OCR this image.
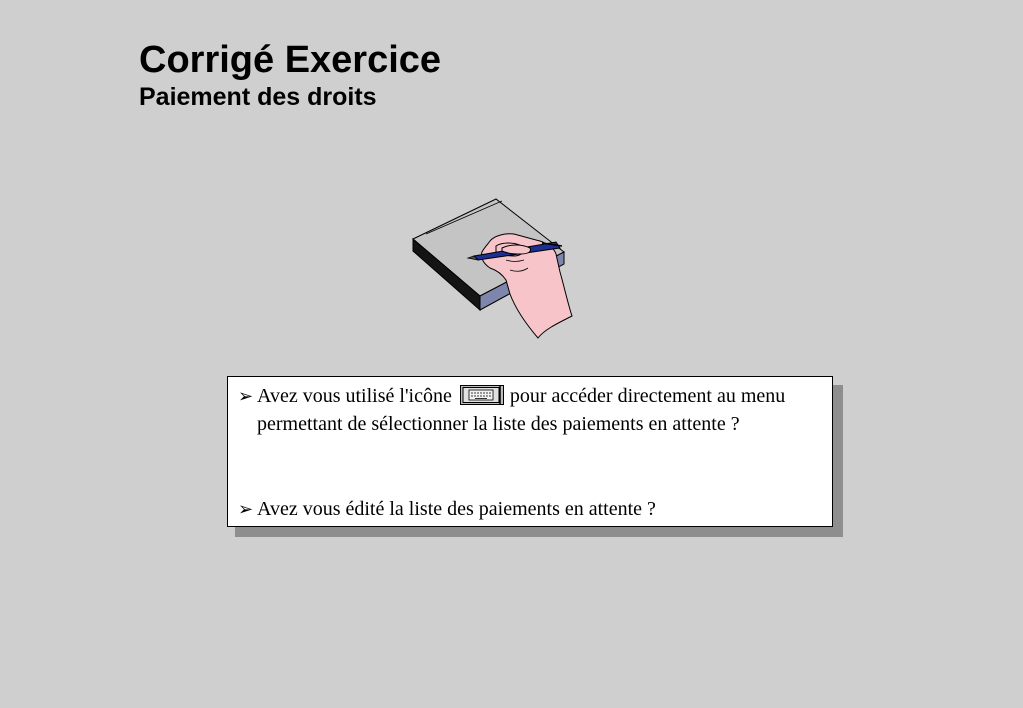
Corrigé Exercice
Paiement des droits
➢ Avez vous utilisé l'icône	pour accéder directement au menu permettant de sélectionner la liste des paiements en attente ?
➢ Avez vous édité la liste des paiements en attente ?
